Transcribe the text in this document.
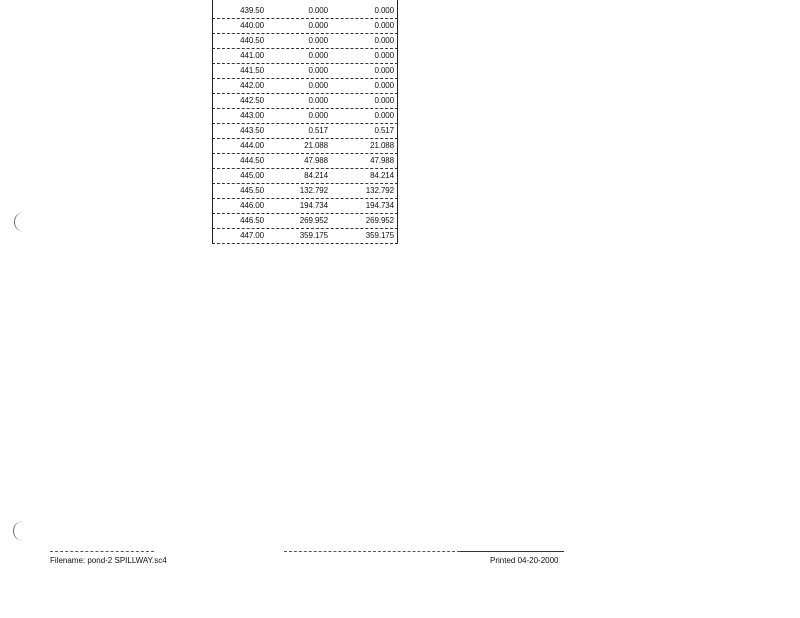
439.50	0.000	0.000
440.00	0.000	0.000
440.50	0.000	0.000
441.00	0.000	0.000
441.50	0.000	0.000
442.00	0.000	0.000
442.50	0.000	0.000
443.00	0.000	0.000
443.50	0.517	0.517
444.00	21.088	21.088
444.50	47.988	47.988
445.00	84.214	84.214
445.50	132.792	132.792
446.00	194.734	194.734
446.50	269.952	269.952
447.00	359.175	359.175
Filename: pond-2 SPILLWAY.sc4	Printed 04-20-2000
